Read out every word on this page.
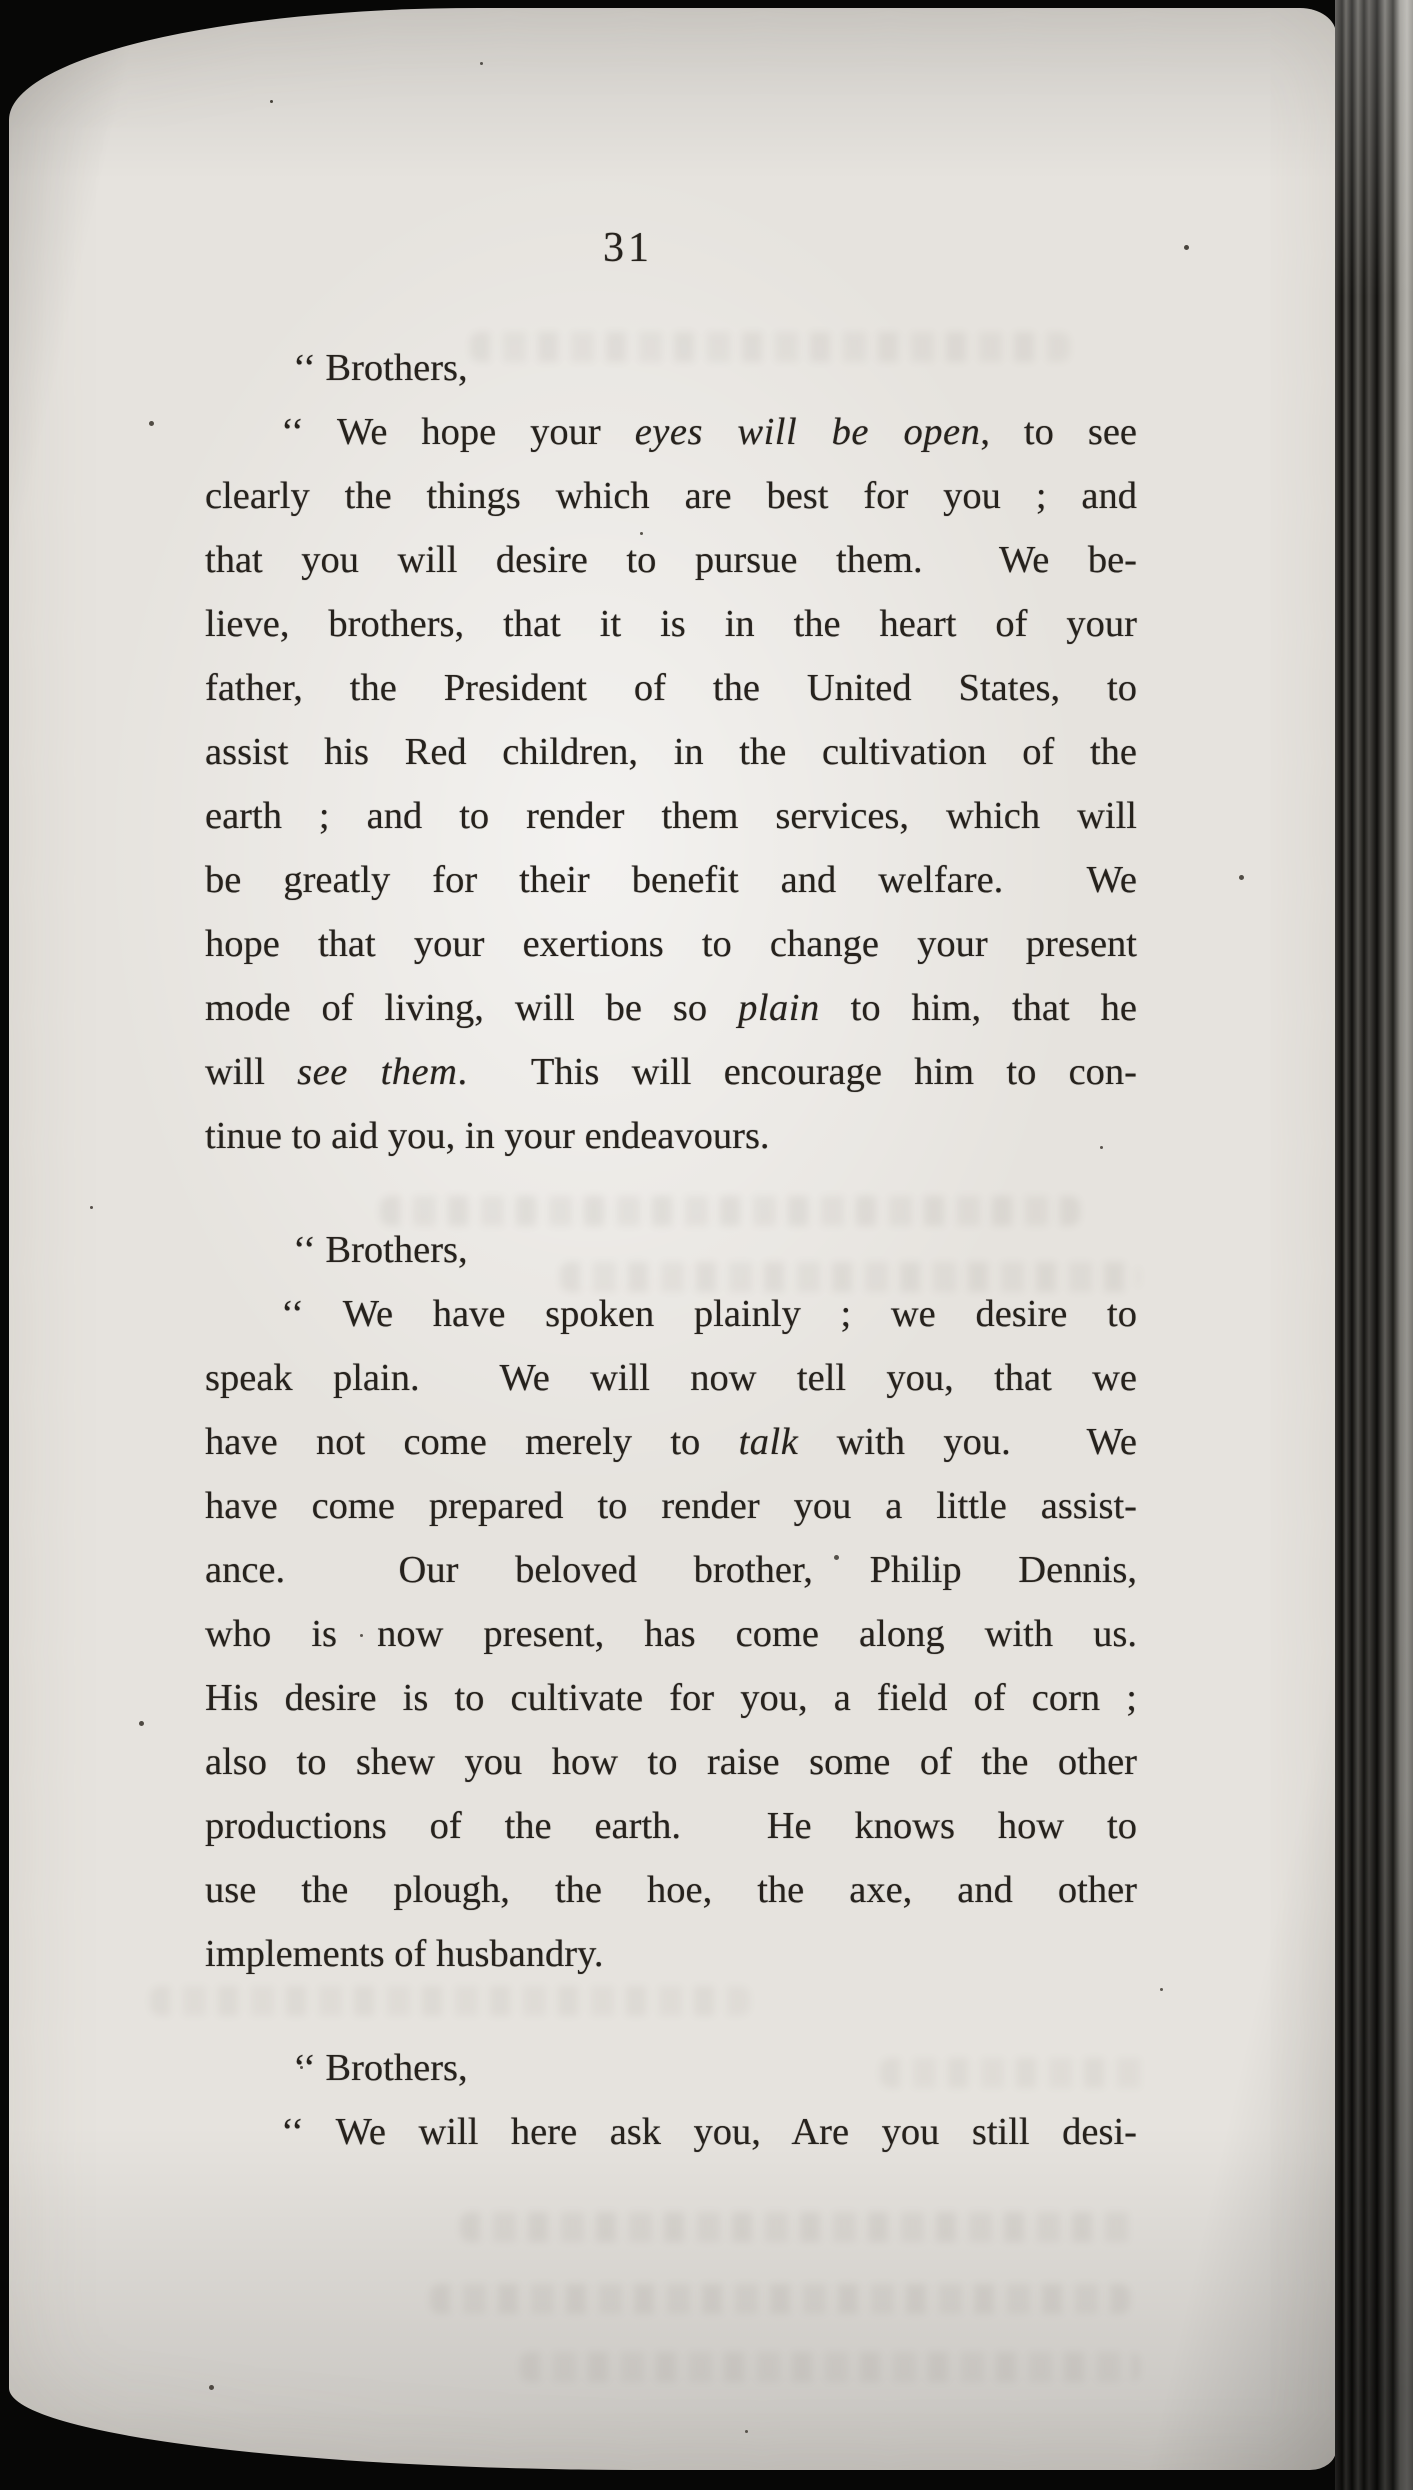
31
‘‘ Brothers,
‘‘ We hope your eyes will be open, to see
clearly the things which are best for you ; and
that you will desire to pursue them.  We be-
lieve, brothers, that it is in the heart of your
father, the President of the United States, to
assist his Red children, in the cultivation of the
earth ; and to render them services, which will
be greatly for their benefit and welfare.  We
hope that your exertions to change your present
mode of living, will be so plain to him, that he
will see them.  This will encourage him to con-
tinue to aid you, in your endeavours.
‘‘ Brothers,
‘‘ We have spoken plainly ; we desire to
speak plain.  We will now tell you, that we
have not come merely to talk with you.  We
have come prepared to render you a little assist-
ance.  Our beloved brother, Philip Dennis,
who is now present, has come along with us.
His desire is to cultivate for you, a field of corn ;
also to shew you how to raise some of the other
productions of the earth.  He knows how to
use the plough, the hoe, the axe, and other
implements of husbandry.
‘‘ Brothers,
‘‘ We will here ask you, Are you still desi-
